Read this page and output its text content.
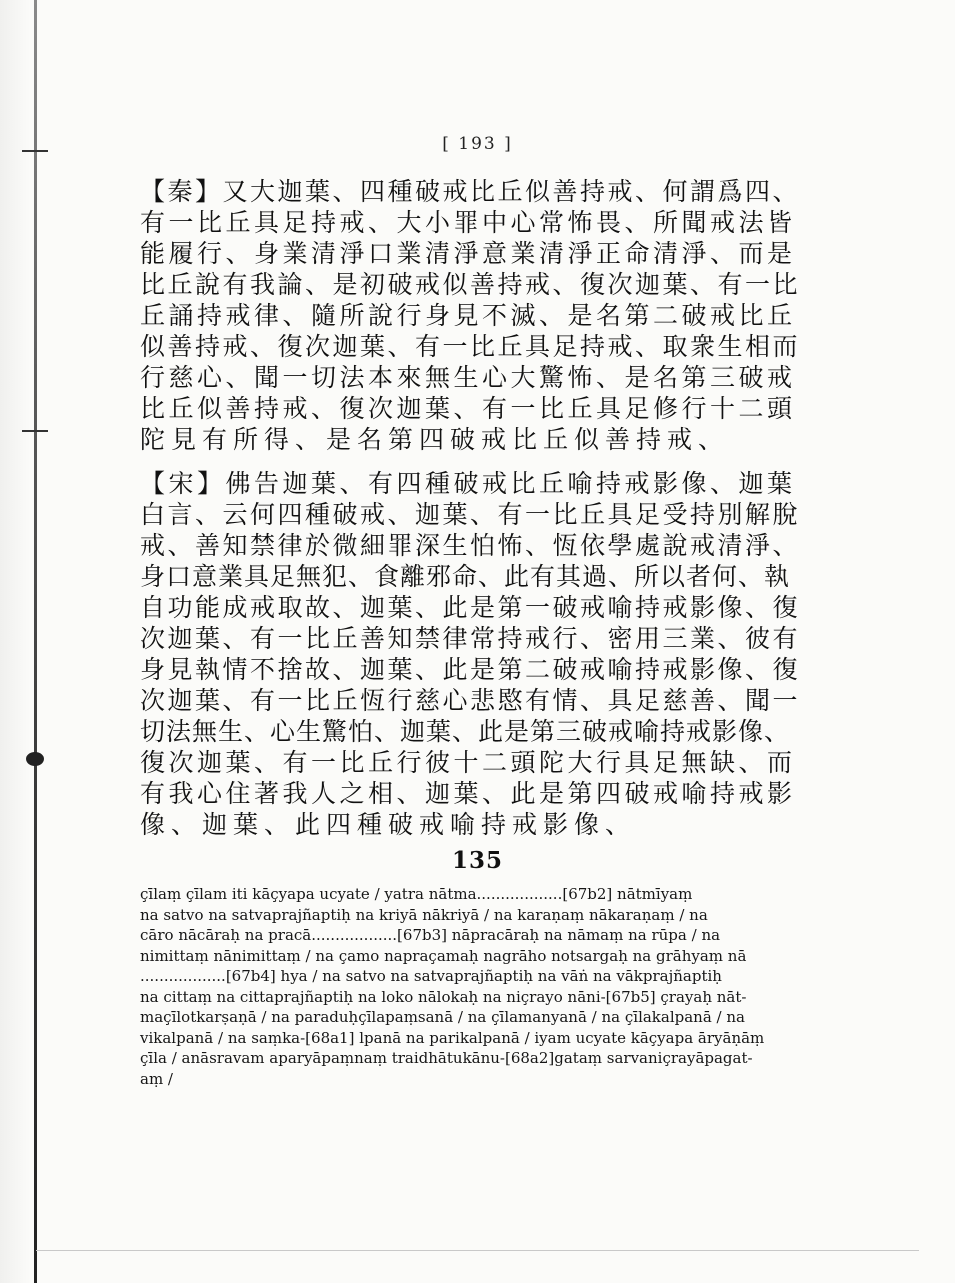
[ 193 ]
【秦】又大迦葉、四種破戒比丘似善持戒、何謂爲四、
有一比丘具足持戒、大小罪中心常怖畏、所聞戒法皆
能履行、身業清淨口業清淨意業清淨正命清淨、而是
比丘說有我論、是初破戒似善持戒、復次迦葉、有一比
丘誦持戒律、隨所說行身見不滅、是名第二破戒比丘
似善持戒、復次迦葉、有一比丘具足持戒、取衆生相而
行慈心、聞一切法本來無生心大驚怖、是名第三破戒
比丘似善持戒、復次迦葉、有一比丘具足修行十二頭
陀見有所得、是名第四破戒比丘似善持戒、
【宋】佛告迦葉、有四種破戒比丘喻持戒影像、迦葉
白言、云何四種破戒、迦葉、有一比丘具足受持別解脫
戒、善知禁律於微細罪深生怕怖、恆依學處說戒清淨、
身口意業具足無犯、食離邪命、此有其過、所以者何、執
自功能成戒取故、迦葉、此是第一破戒喻持戒影像、復
次迦葉、有一比丘善知禁律常持戒行、密用三業、彼有
身見執情不捨故、迦葉、此是第二破戒喻持戒影像、復
次迦葉、有一比丘恆行慈心悲愍有情、具足慈善、聞一
切法無生、心生驚怕、迦葉、此是第三破戒喻持戒影像、
復次迦葉、有一比丘行彼十二頭陀大行具足無缺、而
有我心住著我人之相、迦葉、此是第四破戒喻持戒影
像、迦葉、此四種破戒喻持戒影像、
135
çīlaṃ çīlam iti kāçyapa ucyate / yatra nātma..................[67b2] nātmīyaṃ
na satvo na satvaprajñaptiḥ na kriyā nākriyā / na karaṇaṃ nākaraṇaṃ / na
cāro nācāraḥ na pracā..................[67b3] nāpracāraḥ na nāmaṃ na rūpa / na
nimittaṃ nānimittaṃ / na çamo napraçamaḥ nagrāho notsargaḥ na grāhyaṃ nā
..................[67b4] hya / na satvo na satvaprajñaptiḥ na vāṅ na vākprajñaptiḥ
na cittaṃ na cittaprajñaptiḥ na loko nālokaḥ na niçrayo nāni-[67b5] çrayaḥ nāt-
maçīlotkarṣaṇā / na paraduḥçīlapaṃsanā / na çīlamanyanā / na çīlakalpanā / na
vikalpanā / na saṃka-[68a1] lpanā na parikalpanā / iyam ucyate kāçyapa āryāṇāṃ
çīla / anāsravam aparyāpaṃnaṃ traidhātukānu-[68a2]gataṃ sarvaniçrayāpagat-
aṃ /
